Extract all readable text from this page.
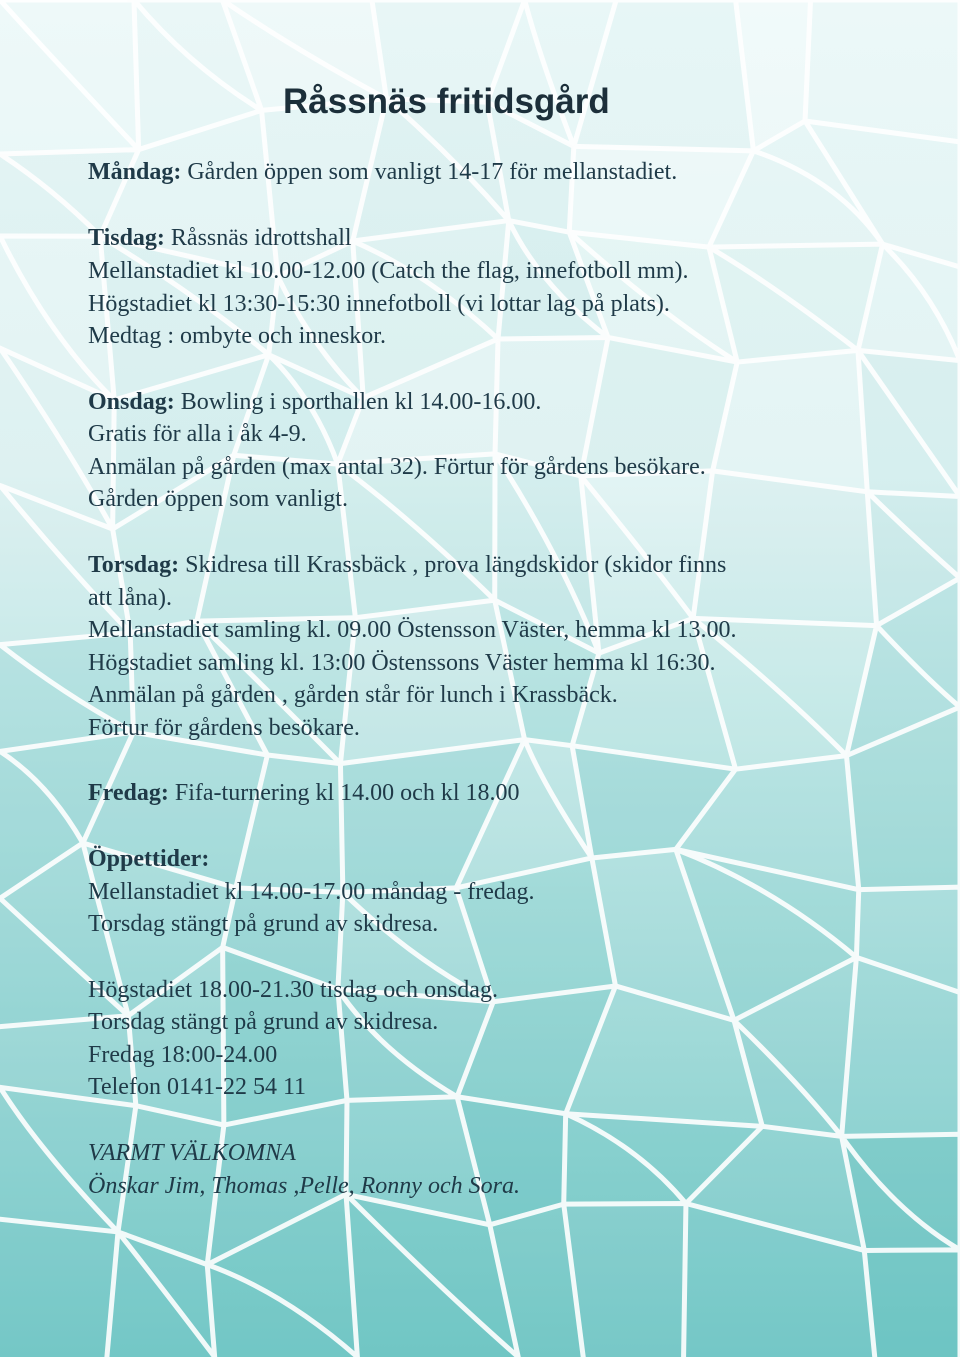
Råssnäs fritidsgård
Måndag: Gården öppen som vanligt 14-17 för mellanstadiet.
Tisdag: Råssnäs idrottshall
Mellanstadiet kl 10.00-12.00 (Catch the flag, innefotboll mm).
Högstadiet kl 13:30-15:30 innefotboll (vi lottar lag på plats).
Medtag : ombyte och inneskor.
Onsdag: Bowling i sporthallen kl 14.00-16.00.
Gratis för alla i åk 4-9.
Anmälan på gården (max antal 32). Förtur för gårdens besökare.
Gården öppen som vanligt.
Torsdag: Skidresa till Krassbäck , prova längdskidor (skidor finns
att låna).
Mellanstadiet samling kl. 09.00 Östensson Väster, hemma kl 13.00.
Högstadiet samling kl. 13:00 Östenssons Väster hemma kl 16:30.
Anmälan på gården , gården står för lunch i Krassbäck.
Förtur för gårdens besökare.
Fredag: Fifa-turnering kl 14.00 och kl 18.00
Öppettider:
Mellanstadiet kl 14.00-17.00 måndag - fredag.
Torsdag stängt på grund av skidresa.
Högstadiet 18.00-21.30 tisdag och onsdag.
Torsdag stängt på grund av skidresa.
Fredag 18:00-24.00
Telefon 0141-22 54 11
VARMT VÄLKOMNA
Önskar Jim, Thomas ,Pelle, Ronny och Sora.
